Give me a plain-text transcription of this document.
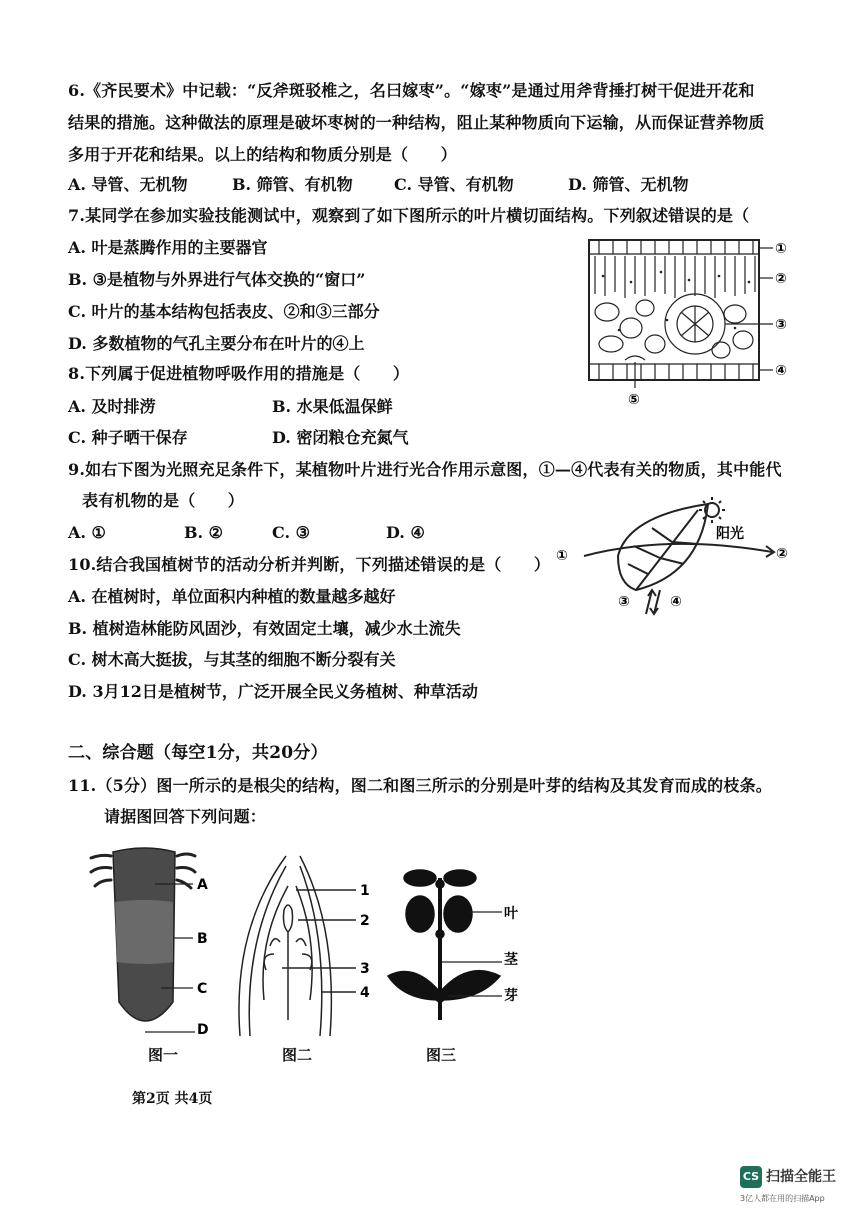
6.《齐民要术》中记载：“反斧斑驳椎之，名曰嫁枣”。“嫁枣”是通过用斧背捶打树干促进开花和
结果的措施。这种做法的原理是破坏枣树的一种结构，阻止某种物质向下运输，从而保证营养物质
多用于开花和结果。以上的结构和物质分别是（　　）
A. 导管、无机物	B. 筛管、有机物	C. 导管、有机物	D. 筛管、无机物
7.某同学在参加实验技能测试中，观察到了如下图所示的叶片横切面结构。下列叙述错误的是（
A. 叶是蒸腾作用的主要器官
B. ③是植物与外界进行气体交换的“窗口”
C. 叶片的基本结构包括表皮、②和③三部分
D. 多数植物的气孔主要分布在叶片的④上
①
②
③
④
⑤
8.下列属于促进植物呼吸作用的措施是（　　）
A. 及时排涝	B. 水果低温保鲜
C. 种子晒干保存	D. 密闭粮仓充氮气
9.如右下图为光照充足条件下，某植物叶片进行光合作用示意图，①—④代表有关的物质，其中能代
表有机物的是（　　）
A. ①	B. ②	C. ③	D. ④	阳光
①	②
③	④
10.结合我国植树节的活动分析并判断，下列描述错误的是（　　）
A. 在植树时，单位面积内种植的数量越多越好
B. 植树造林能防风固沙，有效固定土壤，减少水土流失
C. 树木高大挺拔，与其茎的细胞不断分裂有关
D. 3月12日是植树节，广泛开展全民义务植树、种草活动
二、综合题（每空1分，共20分）
11.（5分）图一所示的是根尖的结构，图二和图三所示的分别是叶芽的结构及其发育而成的枝条。
请据图回答下列问题：
A
B
C
D
图一
1
2
3
4
图二
叶
茎
芽
图三
第2页 共4页
CS 扫描全能王
3亿人都在用的扫描App
